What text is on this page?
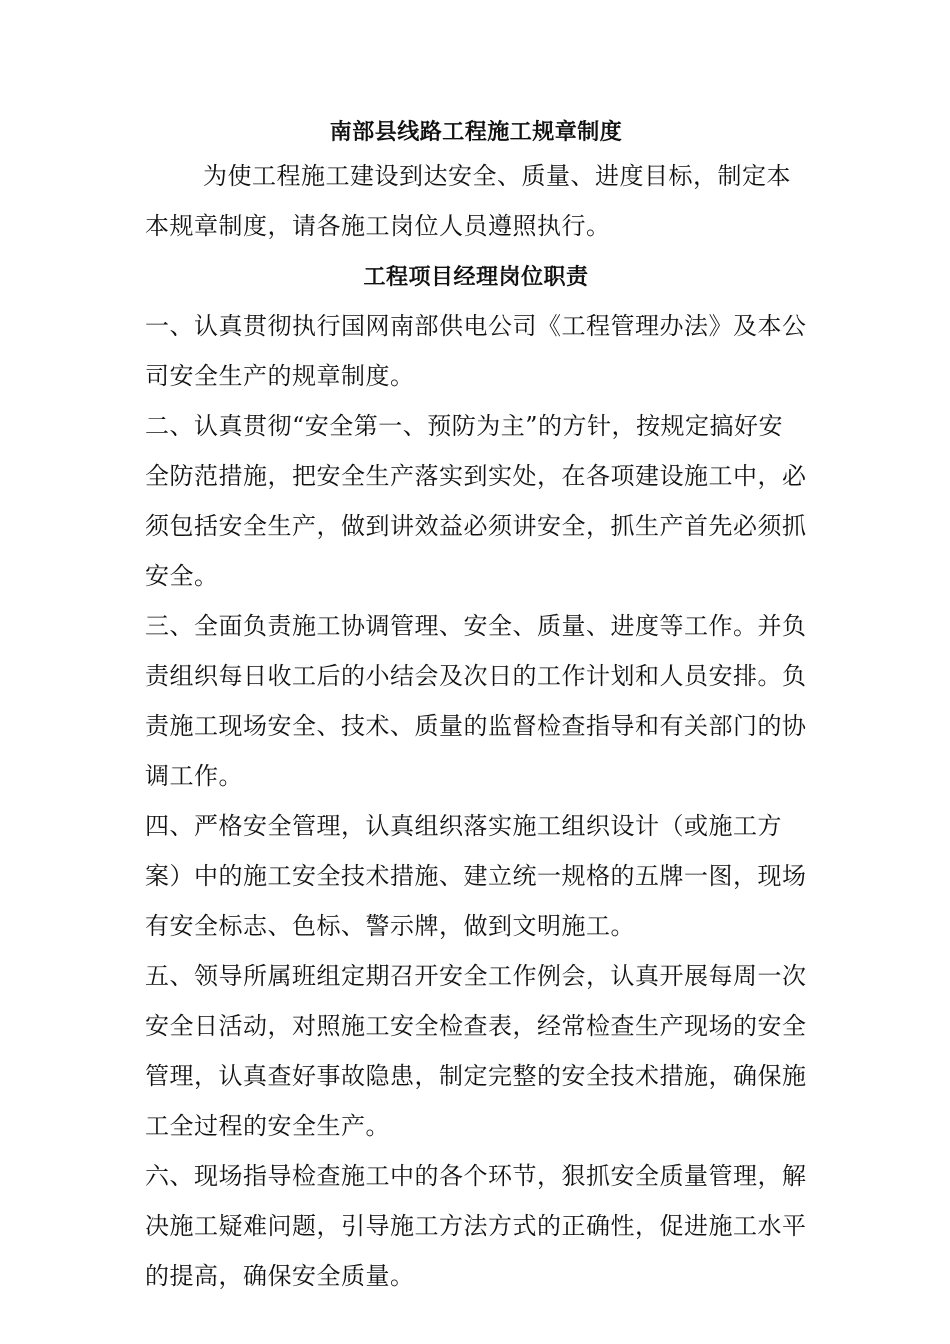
南部县线路工程施工规章制度

为使工程施工建设到达安全、质量、进度目标，制定本本规章制度，请各施工岗位人员遵照执行。

工程项目经理岗位职责

一、认真贯彻执行国网南部供电公司《工程管理办法》及本公司安全生产的规章制度。

二、认真贯彻“安全第一、预防为主”的方针，按规定搞好安全防范措施，把安全生产落实到实处，在各项建设施工中，必须包括安全生产，做到讲效益必须讲安全，抓生产首先必须抓安全。

三、全面负责施工协调管理、安全、质量、进度等工作。并负责组织每日收工后的小结会及次日的工作计划和人员安排。负责施工现场安全、技术、质量的监督检查指导和有关部门的协调工作。

四、严格安全管理，认真组织落实施工组织设计（或施工方案）中的施工安全技术措施、建立统一规格的五牌一图，现场有安全标志、色标、警示牌，做到文明施工。

五、领导所属班组定期召开安全工作例会，认真开展每周一次安全日活动，对照施工安全检查表，经常检查生产现场的安全管理，认真查好事故隐患，制定完整的安全技术措施，确保施工全过程的安全生产。

六、现场指导检查施工中的各个环节，狠抓安全质量管理，解决施工疑难问题，引导施工方法方式的正确性，促进施工水平的提高，确保安全质量。
